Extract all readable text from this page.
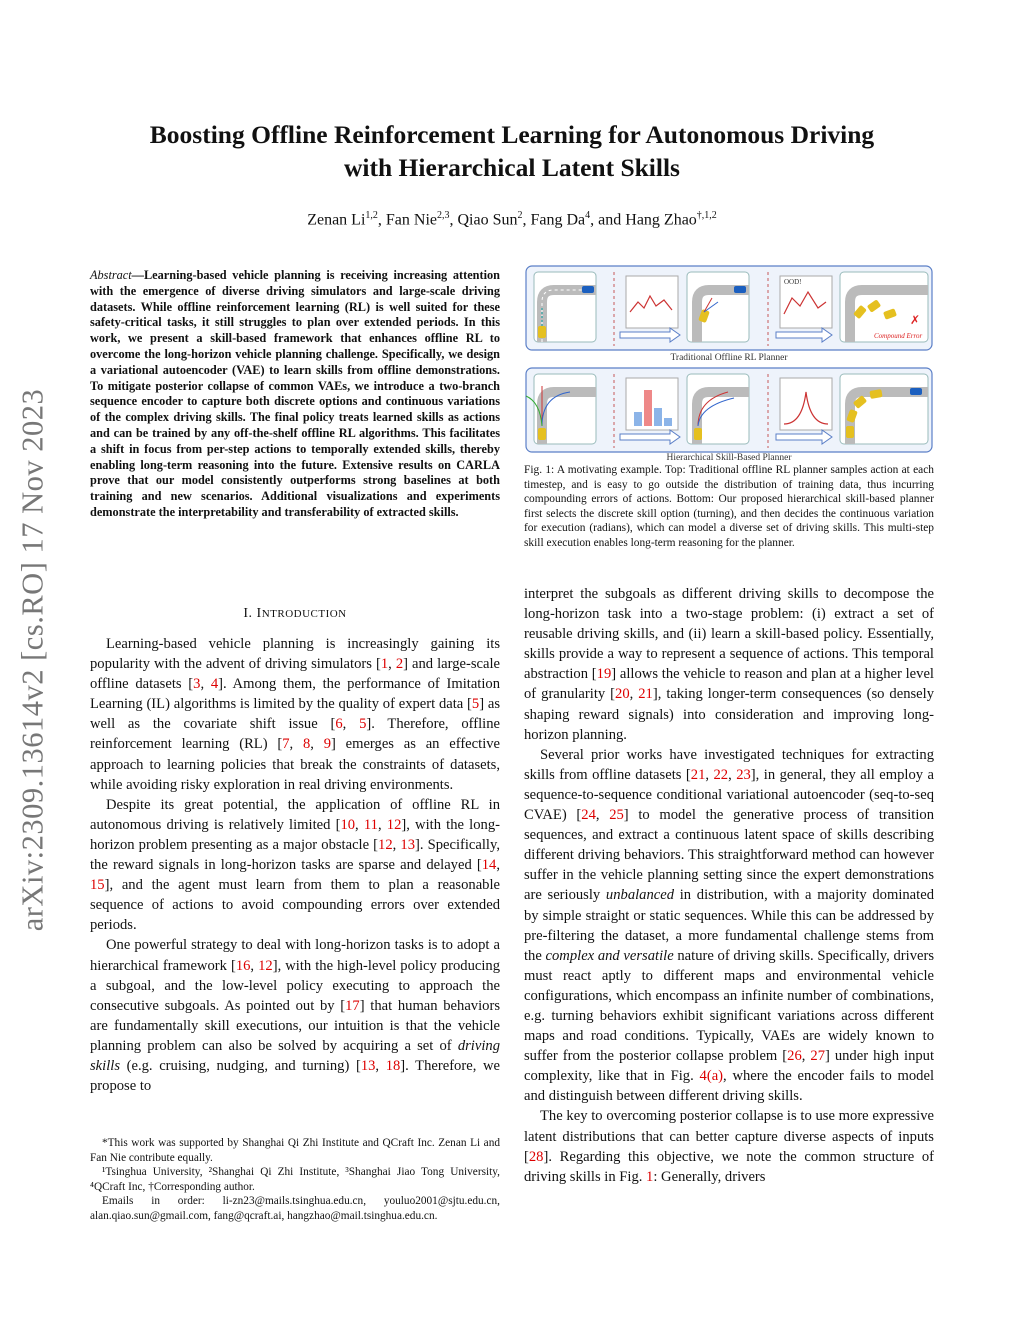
Boosting Offline Reinforcement Learning for Autonomous Driving
with Hierarchical Latent Skills
Zenan Li$^{1,2}$, Fan Nie$^{2,3}$, Qiao Sun$^2$, Fang Da$^4$, and Hang Zhao$^{\dagger,1,2}$
arXiv:2309.13614v2 [cs.RO] 17 Nov 2023
Abstract—Learning-based vehicle planning is receiving increasing attention with the emergence of diverse driving simulators and large-scale driving datasets. While offline reinforcement learning (RL) is well suited for these safety-critical tasks, it still struggles to plan over extended periods. In this work, we present a skill-based framework that enhances offline RL to overcome the long-horizon vehicle planning challenge. Specifically, we design a variational autoencoder (VAE) to learn skills from offline demonstrations. To mitigate posterior collapse of common VAEs, we introduce a two-branch sequence encoder to capture both discrete options and continuous variations of the complex driving skills. The final policy treats learned skills as actions and can be trained by any off-the-shelf offline RL algorithms. This facilitates a shift in focus from per-step actions to temporally extended skills, thereby enabling long-term reasoning into the future. Extensive results on CARLA prove that our model consistently outperforms strong baselines at both training and new scenarios. Additional visualizations and experiments demonstrate the interpretability and transferability of extracted skills.
I. INTRODUCTION

Learning-based vehicle planning is increasingly gaining its popularity with the advent of driving simulators [1, 2] and large-scale offline datasets [3, 4]. Among them, the performance of Imitation Learning (IL) algorithms is limited by the quality of expert data [5] as well as the covariate shift issue [6, 5]. Therefore, offline reinforcement learning (RL) [7, 8, 9] emerges as an effective approach to learning policies that break the constraints of datasets, while avoiding risky exploration in real driving environments.

Despite its great potential, the application of offline RL in autonomous driving is relatively limited [10, 11, 12], with the long-horizon problem presenting as a major obstacle [12, 13]. Specifically, the reward signals in long-horizon tasks are sparse and delayed [14, 15], and the agent must learn from them to plan a reasonable sequence of actions to avoid compounding errors over extended periods.

One powerful strategy to deal with long-horizon tasks is to adopt a hierarchical framework [16, 12], with the high-level policy producing a subgoal, and the low-level policy executing to approach the consecutive subgoals. As pointed out by [17] that human behaviors are fundamentally skill executions, our intuition is that the vehicle planning problem can also be solved by acquiring a set of driving skills (e.g. cruising, nudging, and turning) [13, 18]. Therefore, we propose to

*This work was supported by Shanghai Qi Zhi Institute and QCraft Inc. Zenan Li and Fan Nie contribute equally.

¹Tsinghua University, ²Shanghai Qi Zhi Institute, ³Shanghai Jiao Tong University, ⁴QCraft Inc, †Corresponding author.

Emails in order: li-zn23@mails.tsinghua.edu.cn, youluo2001@sjtu.edu.cn, alan.qiao.sun@gmail.com, fang@qcraft.ai, hangzhao@mail.tsinghua.edu.cn.

OOD!
✗
Compound Error
Traditional Offline RL Planner
Hierarchical Skill-Based Planner
Fig. 1: A motivating example. Top: Traditional offline RL planner samples action at each timestep, and is easy to go outside the distribution of training data, thus incurring compounding errors of actions. Bottom: Our proposed hierarchical skill-based planner first selects the discrete skill option (turning), and then decides the continuous variation for execution (radians), which can model a diverse set of driving skills. This multi-step skill execution enables long-term reasoning for the planner.

interpret the subgoals as different driving skills to decompose the long-horizon task into a two-stage problem: (i) extract a set of reusable driving skills, and (ii) learn a skill-based policy. Essentially, skills provide a way to represent a sequence of actions. This temporal abstraction [19] allows the vehicle to reason and plan at a higher level of granularity [20, 21], taking longer-term consequences (so densely shaping reward signals) into consideration and improving long-horizon planning.

Several prior works have investigated techniques for extracting skills from offline datasets [21, 22, 23], in general, they all employ a sequence-to-sequence conditional variational autoencoder (seq-to-seq CVAE) [24, 25] to model the generative process of transition sequences, and extract a continuous latent space of skills describing different driving behaviors. This straightforward method can however suffer in the vehicle planning setting since the expert demonstrations are seriously unbalanced in distribution, with a majority dominated by simple straight or static sequences. While this can be addressed by pre-filtering the dataset, a more fundamental challenge stems from the complex and versatile nature of driving skills. Specifically, drivers must react aptly to different maps and environmental vehicle configurations, which encompass an infinite number of combinations, e.g. turning behaviors exhibit significant variations across different maps and road conditions. Typically, VAEs are widely known to suffer from the posterior collapse problem [26, 27] under high input complexity, like that in Fig. 4(a), where the encoder fails to model and distinguish between different driving skills.

The key to overcoming posterior collapse is to use more expressive latent distributions that can better capture diverse aspects of inputs [28]. Regarding this objective, we note the common structure of driving skills in Fig. 1: Generally, drivers
